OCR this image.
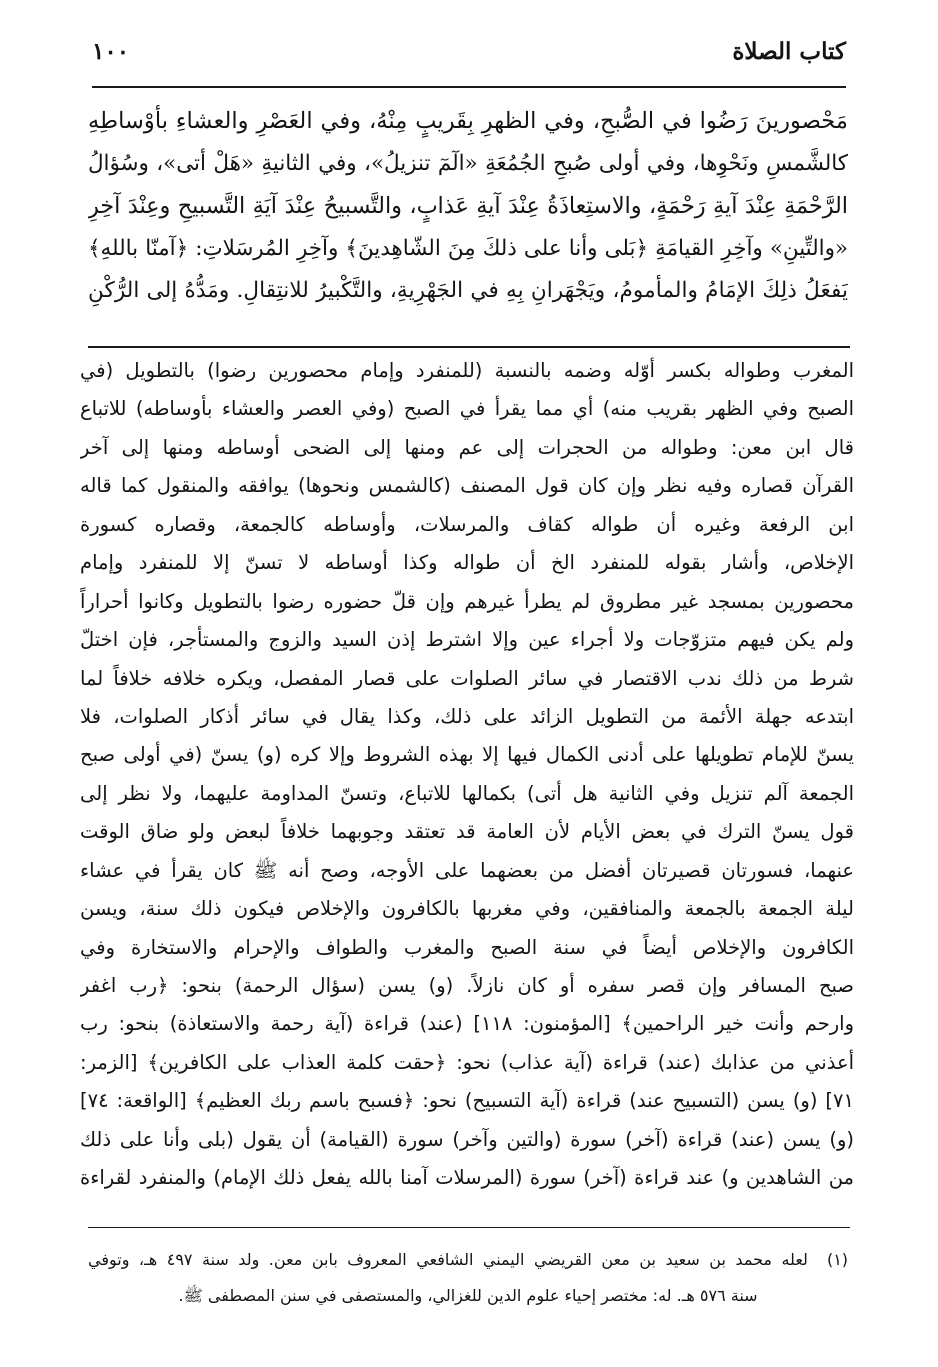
كتاب الصلاة
١٠٠
مَحْصورينَ رَضُوا في الصُّبحِ، وفي الظهرِ بِقَريبٍ مِنْهُ، وفي العَصْرِ والعشاءِ بأوْساطِهِ
كالشَّمسِ ونَحْوِها، وفي أولى صُبحِ الجُمُعَةِ «الٓمٓ تنزيلُ»، وفي الثانيةِ «هَلْ أتى»، وسُؤالُ
الرَّحْمَةِ عِنْدَ آيةِ رَحْمَةٍ، والاستِعاذَةُ عِنْدَ آيةِ عَذابٍ، والتَّسبيحُ عِنْدَ آيَةِ التَّسبيحِ وعِنْدَ آخِرِ
«والتِّينِ» وآخِرِ القيامَةِ ﴿بَلى وأنا على ذلكَ مِنَ الشّاهِدينَ﴾ وآخِرِ المُرسَلاتِ: ﴿آمنّا باللهِ﴾
يَفعَلُ ذلِكَ الإمَامُ والمأمومُ، ويَجْهَرانِ بِهِ في الجَهْرِيةِ، والتَّكْبيرُ للانتِقالِ. ومَدُّهُ إلى الرُّكْنِ
المغرب وطواله بكسر أوّله وضمه بالنسبة (للمنفرد وإمام محصورين رضوا) بالتطويل (في
الصبح وفي الظهر بقريب منه) أي مما يقرأ في الصبح (وفي العصر والعشاء بأوساطه) للاتباع
قال ابن معن: وطواله من الحجرات إلى عم ومنها إلى الضحى أوساطه ومنها إلى آخر
القرآن قصاره وفيه نظر وإن كان قول المصنف (كالشمس ونحوها) يوافقه والمنقول كما قاله
ابن الرفعة وغيره أن طواله كقاف والمرسلات، وأوساطه كالجمعة، وقصاره كسورة
الإخلاص، وأشار بقوله للمنفرد الخ أن طواله وكذا أوساطه لا تسنّ إلا للمنفرد وإمام
محصورين بمسجد غير مطروق لم يطرأ غيرهم وإن قلّ حضوره رضوا بالتطويل وكانوا أحراراً
ولم يكن فيهم متزوّجات ولا أجراء عين وإلا اشترط إذن السيد والزوج والمستأجر، فإن اختلّ
شرط من ذلك ندب الاقتصار في سائر الصلوات على قصار المفصل، ويكره خلافه خلافاً لما
ابتدعه جهلة الأئمة من التطويل الزائد على ذلك، وكذا يقال في سائر أذكار الصلوات، فلا
يسنّ للإمام تطويلها على أدنى الكمال فيها إلا بهذه الشروط وإلا كره (و) يسنّ (في أولى صبح
الجمعة آلم تنزيل وفي الثانية هل أتى) بكمالها للاتباع، وتسنّ المداومة عليهما، ولا نظر إلى
قول يسنّ الترك في بعض الأيام لأن العامة قد تعتقد وجوبهما خلافاً لبعض ولو ضاق الوقت
عنهما، فسورتان قصيرتان أفضل من بعضهما على الأوجه، وصح أنه ﷺ كان يقرأ في عشاء
ليلة الجمعة بالجمعة والمنافقين، وفي مغربها بالكافرون والإخلاص فيكون ذلك سنة، ويسن
الكافرون والإخلاص أيضاً في سنة الصبح والمغرب والطواف والإحرام والاستخارة وفي
صبح المسافر وإن قصر سفره أو كان نازلاً. (و) يسن (سؤال الرحمة) بنحو: ﴿رب اغفر
وارحم وأنت خير الراحمين﴾ [المؤمنون: ١١٨] (عند) قراءة (آية رحمة والاستعاذة) بنحو: رب
أعذني من عذابك (عند) قراءة (آية عذاب) نحو: ﴿حقت كلمة العذاب على الكافرين﴾ [الزمر:
٧١] (و) يسن (التسبيح عند) قراءة (آية التسبيح) نحو: ﴿فسبح باسم ربك العظيم﴾ [الواقعة: ٧٤]
(و) يسن (عند) قراءة (آخر) سورة (والتين وآخر) سورة (القيامة) أن يقول (بلى وأنا على ذلك
من الشاهدين و) عند قراءة (آخر) سورة (المرسلات آمنا بالله يفعل ذلك الإمام) والمنفرد لقراءة
(١)  لعله محمد بن سعيد بن معن القريضي اليمني الشافعي المعروف بابن معن. ولد سنة ٤٩٧ هـ، وتوفي
سنة ٥٧٦ هـ. له: مختصر إحياء علوم الدين للغزالي، والمستصفى في سنن المصطفى ﷺ.
